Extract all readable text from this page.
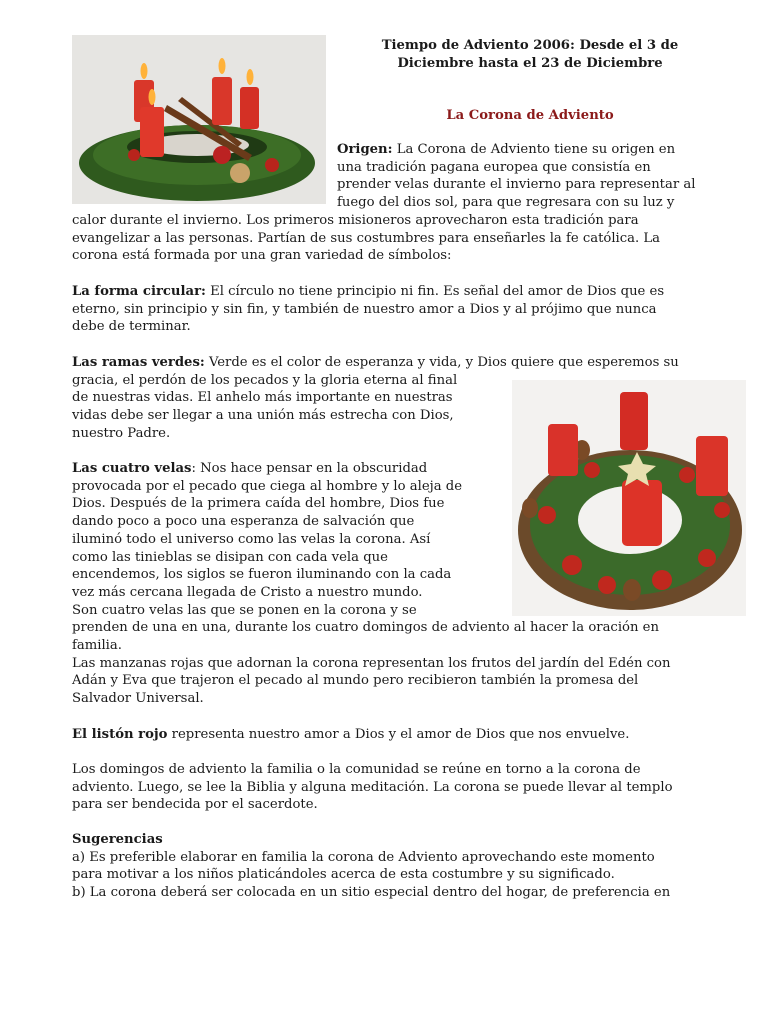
Tiempo de Adviento 2006: Desde el 3 de
Diciembre hasta el 23 de Diciembre
La Corona de Adviento
Origen: La Corona de Adviento tiene su origen en
una tradición pagana europea que consistía en
prender velas durante el invierno para representar al
fuego del dios sol, para que regresara con su luz y
calor durante el invierno. Los primeros misioneros aprovecharon esta tradición para
evangelizar a las personas. Partían de sus costumbres para enseñarles la fe católica. La
corona está formada por una gran variedad de símbolos:
La forma circular: El círculo no tiene principio ni fin. Es señal del amor de Dios que es
eterno, sin principio y sin fin, y también de nuestro amor a Dios y al prójimo que nunca
debe de terminar.
Las ramas verdes: Verde es el color de esperanza y vida, y Dios quiere que esperemos su
gracia, el perdón de los pecados y la gloria eterna al final
de nuestras vidas. El anhelo más importante en nuestras
vidas debe ser llegar a una unión más estrecha con Dios,
nuestro Padre.
Las cuatro velas: Nos hace pensar en la obscuridad
provocada por el pecado que ciega al hombre y lo aleja de
Dios. Después de la primera caída del hombre, Dios fue
dando poco a poco una esperanza de salvación que
iluminó todo el universo como las velas la corona. Así
como las tinieblas se disipan con cada vela que
encendemos, los siglos se fueron iluminando con la cada
vez más cercana llegada de Cristo a nuestro mundo.
Son cuatro velas las que se ponen en la corona y se
prenden de una en una, durante los cuatro domingos de adviento al hacer la oración en
familia.
Las manzanas rojas que adornan la corona representan los frutos del jardín del Edén con
Adán y Eva que trajeron el pecado al mundo pero recibieron también la promesa del
Salvador Universal.
El listón rojo representa nuestro amor a Dios y el amor de Dios que nos envuelve.
Los domingos de adviento la familia o la comunidad se reúne en torno a la corona de
adviento. Luego, se lee la Biblia y alguna meditación. La corona se puede llevar al templo
para ser bendecida por el sacerdote.
Sugerencias
a) Es preferible elaborar en familia la corona de Adviento aprovechando este momento
para motivar a los niños platicándoles acerca de esta costumbre y su significado.
b) La corona deberá ser colocada en un sitio especial dentro del hogar, de preferencia en
